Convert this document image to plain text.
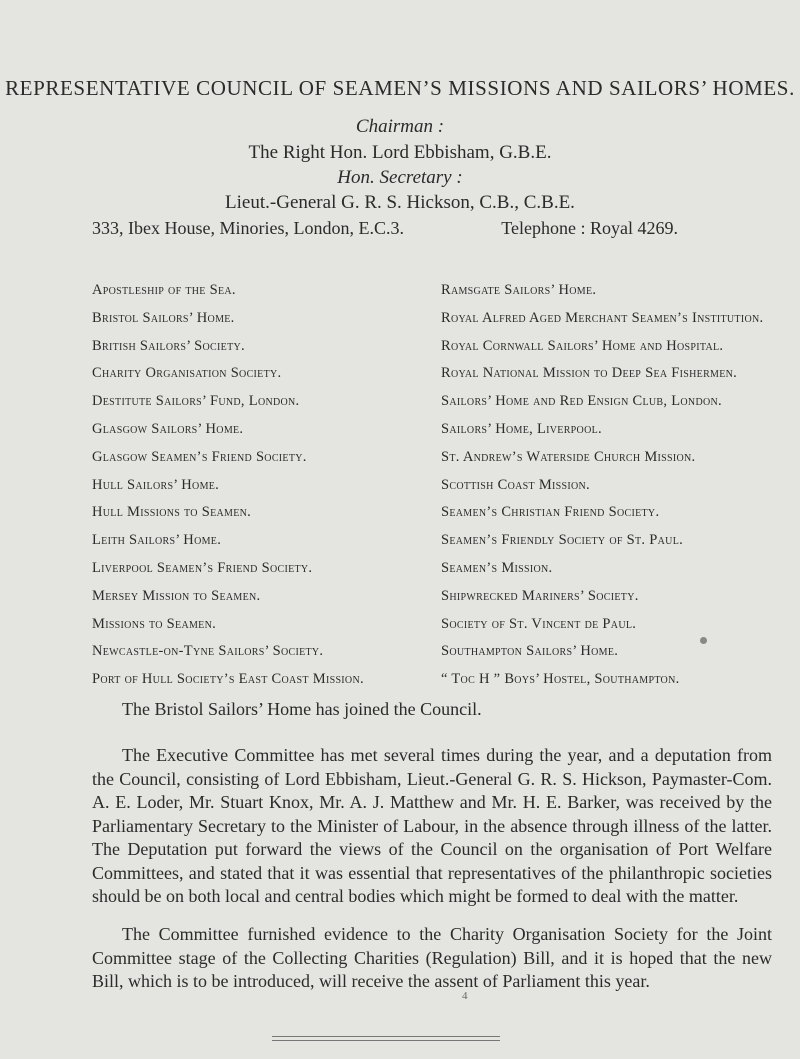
REPRESENTATIVE COUNCIL OF SEAMEN’S MISSIONS AND SAILORS’ HOMES.
Chairman :
The Right Hon. Lord Ebbisham, G.B.E.
Hon. Secretary :
Lieut.-General G. R. S. Hickson, C.B., C.B.E.
333, Ibex House, Minories, London, E.C.3.	Telephone : Royal 4269.
Apostleship of the Sea.
Bristol Sailors’ Home.
British Sailors’ Society.
Charity Organisation Society.
Destitute Sailors’ Fund, London.
Glasgow Sailors’ Home.
Glasgow Seamen’s Friend Society.
Hull Sailors’ Home.
Hull Missions to Seamen.
Leith Sailors’ Home.
Liverpool Seamen’s Friend Society.
Mersey Mission to Seamen.
Missions to Seamen.
Newcastle-on-Tyne Sailors’ Society.
Port of Hull Society’s East Coast Mission.
Ramsgate Sailors’ Home.
Royal Alfred Aged Merchant Seamen’s Institution.
Royal Cornwall Sailors’ Home and Hospital.
Royal National Mission to Deep Sea Fishermen.
Sailors’ Home and Red Ensign Club, London.
Sailors’ Home, Liverpool.
St. Andrew’s Waterside Church Mission.
Scottish Coast Mission.
Seamen’s Christian Friend Society.
Seamen’s Friendly Society of St. Paul.
Seamen’s Mission.
Shipwrecked Mariners’ Society.
Society of St. Vincent de Paul.
Southampton Sailors’ Home.
“ Toc H ” Boys’ Hostel, Southampton.
The Bristol Sailors’ Home has joined the Council.
The Executive Committee has met several times during the year, and a deputation from the Council, consisting of Lord Ebbisham, Lieut.-General G. R. S. Hickson, Paymaster-Com. A. E. Loder, Mr. Stuart Knox, Mr. A. J. Matthew and Mr. H. E. Barker, was received by the Parliamentary Secretary to the Minister of Labour, in the absence through illness of the latter. The Deputation put forward the views of the Council on the organisation of Port Welfare Committees, and stated that it was essential that representatives of the philanthropic societies should be on both local and central bodies which might be formed to deal with the matter.
The Committee furnished evidence to the Charity Organisation Society for the Joint Committee stage of the Collecting Charities (Regulation) Bill, and it is hoped that the new Bill, which is to be introduced, will receive the assent of Parliament this year.
4
